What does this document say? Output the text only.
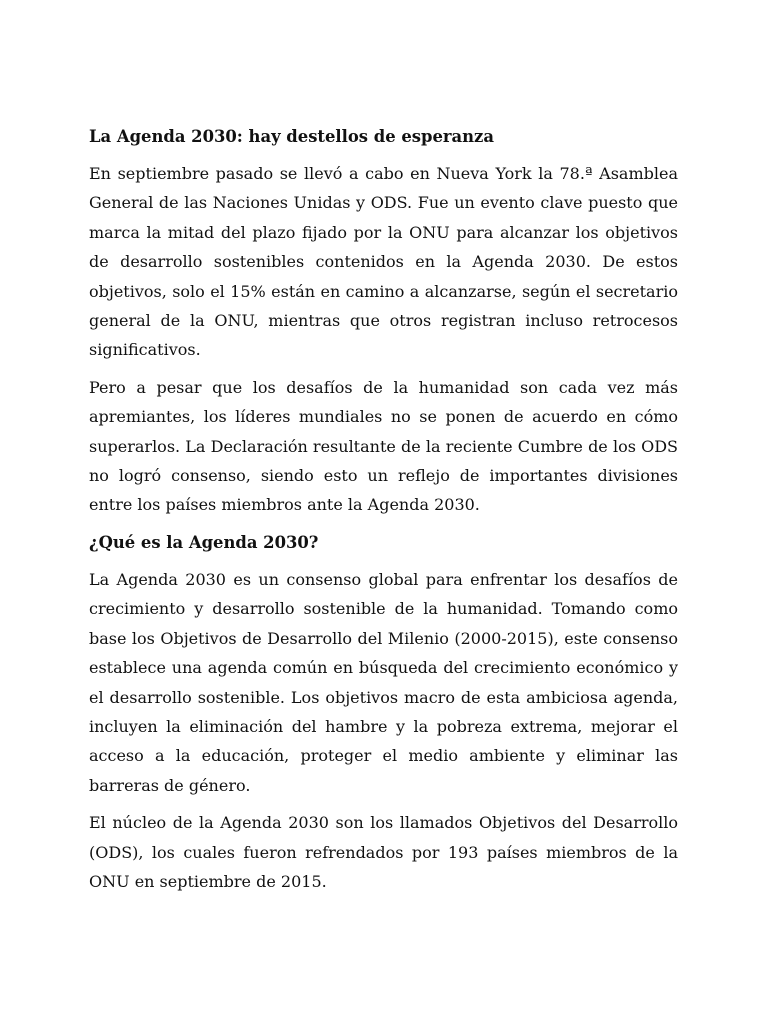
La Agenda 2030: hay destellos de esperanza

En septiembre pasado se llevó a cabo en Nueva York la 78.ª Asamblea General de las Naciones Unidas y ODS. Fue un evento clave puesto que marca la mitad del plazo fijado por la ONU para alcanzar los objetivos de desarrollo sostenibles contenidos en la Agenda 2030. De estos objetivos, solo el 15% están en camino a alcanzarse, según el secretario general de la ONU, mientras que otros registran incluso retrocesos significativos.

Pero a pesar que los desafíos de la humanidad son cada vez más apremiantes, los líderes mundiales no se ponen de acuerdo en cómo superarlos. La Declaración resultante de la reciente Cumbre de los ODS no logró consenso, siendo esto un reflejo de importantes divisiones entre los países miembros ante la Agenda 2030.

¿Qué es la Agenda 2030?

La Agenda 2030 es un consenso global para enfrentar los desafíos de crecimiento y desarrollo sostenible de la humanidad. Tomando como base los Objetivos de Desarrollo del Milenio (2000-2015), este consenso establece una agenda común en búsqueda del crecimiento económico y el desarrollo sostenible. Los objetivos macro de esta ambiciosa agenda, incluyen la eliminación del hambre y la pobreza extrema, mejorar el acceso a la educación, proteger el medio ambiente y eliminar las barreras de género.

El núcleo de la Agenda 2030 son los llamados Objetivos del Desarrollo (ODS), los cuales fueron refrendados por 193 países miembros de la ONU en septiembre de 2015.
